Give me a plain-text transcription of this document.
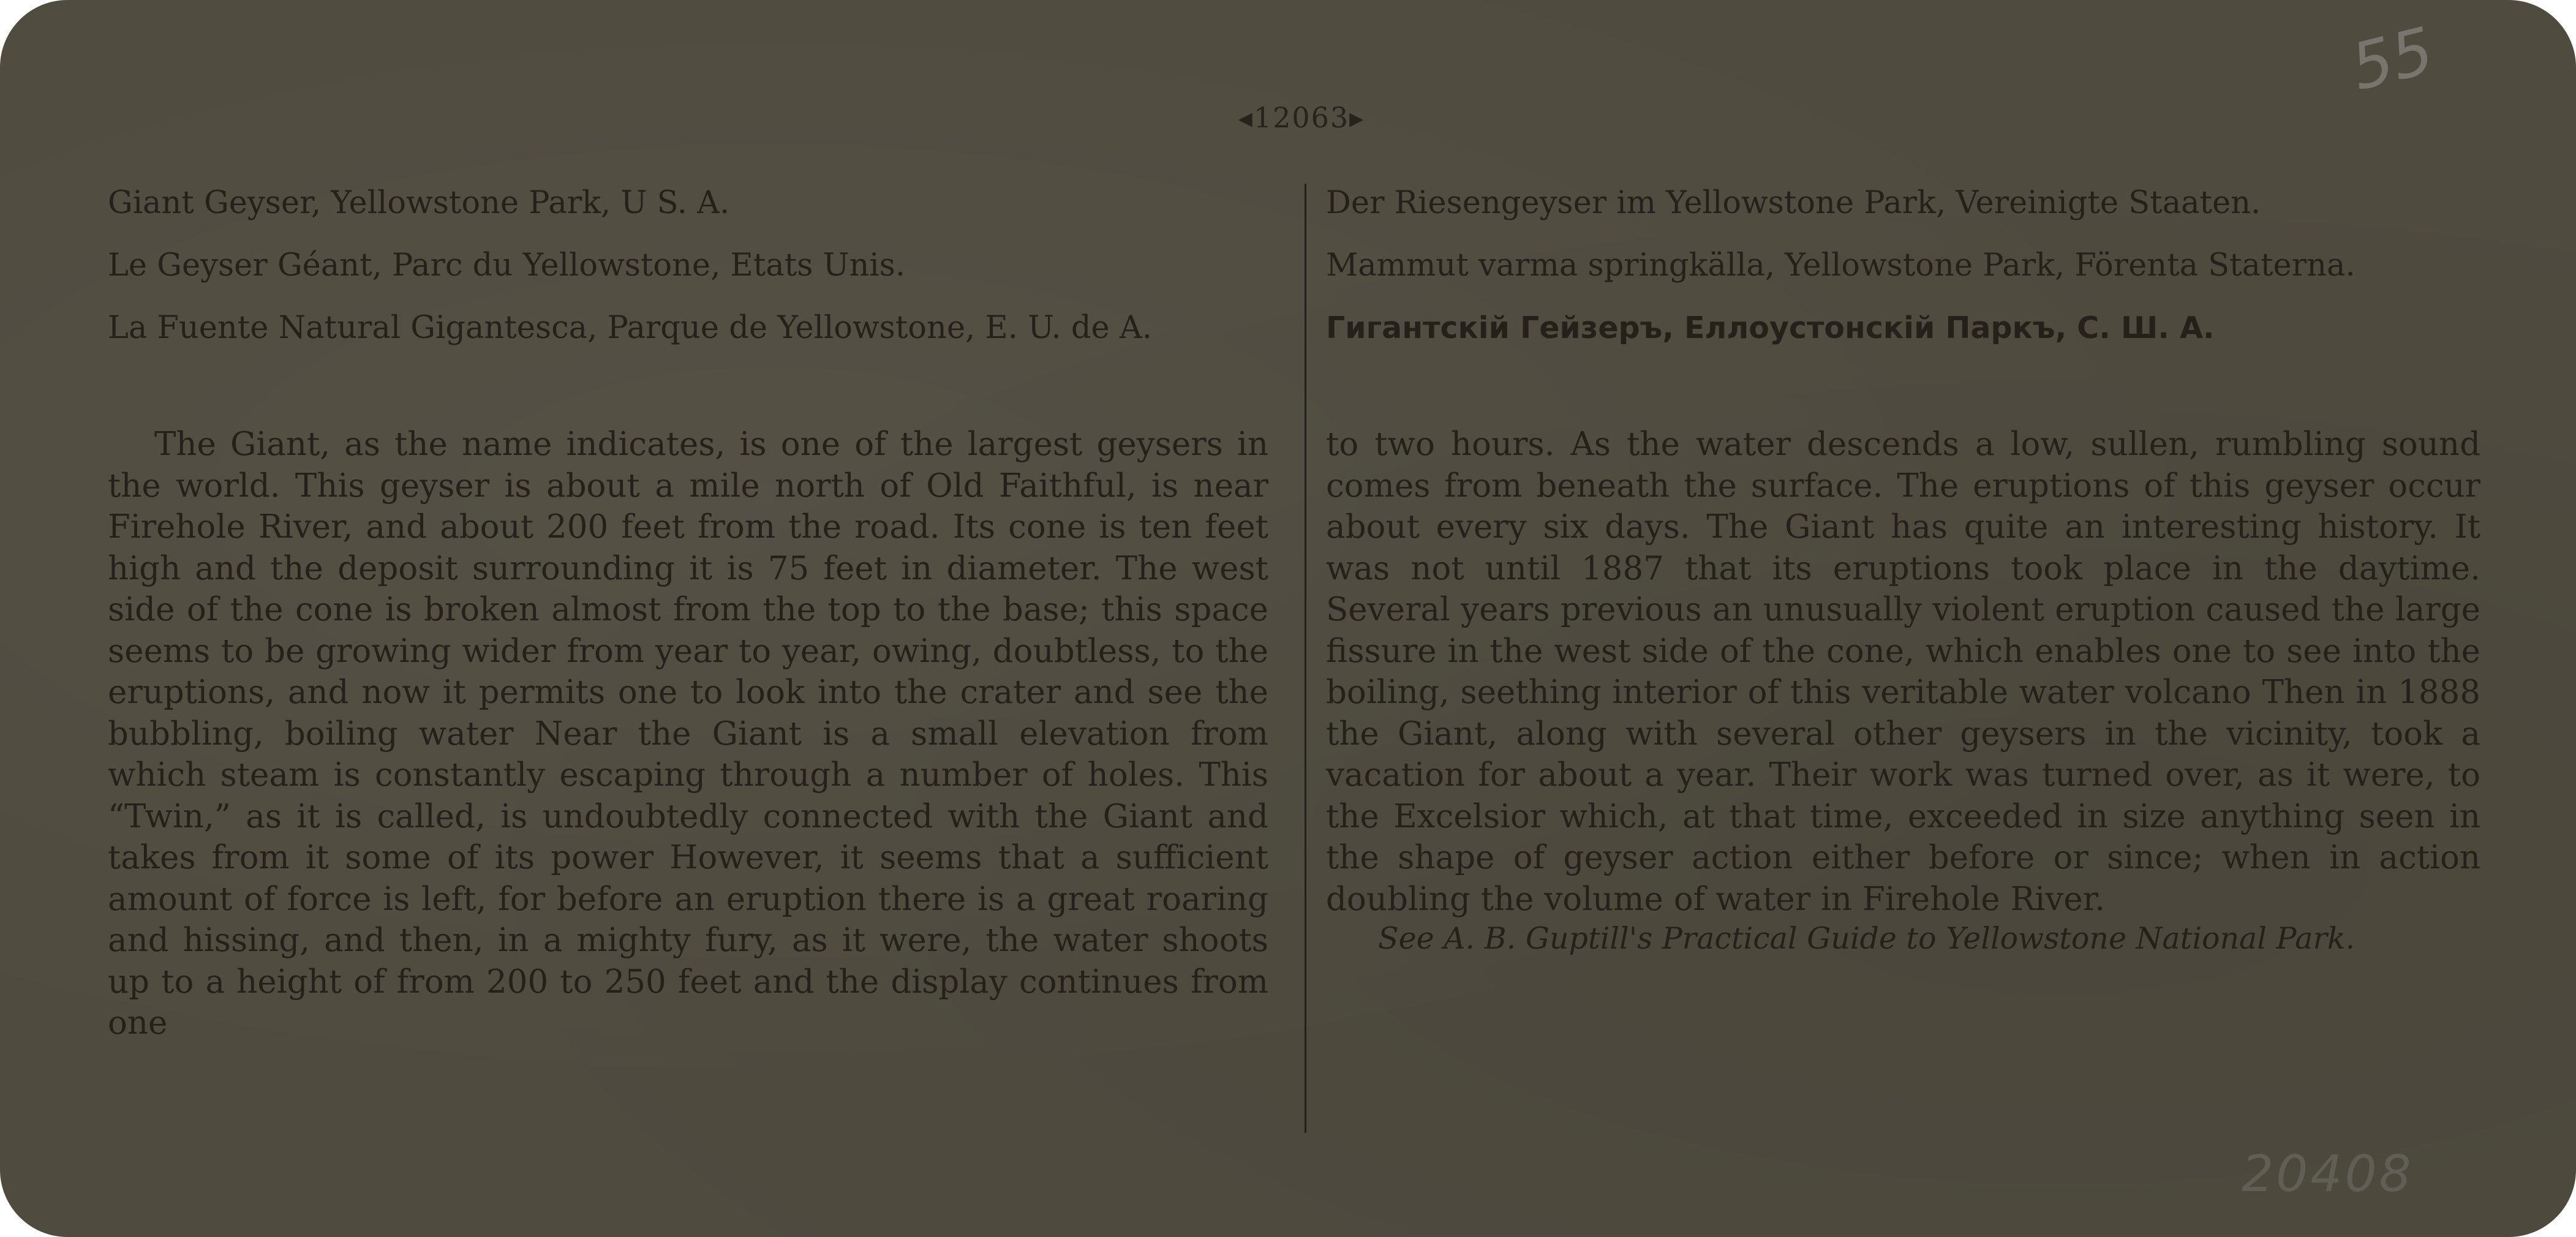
◂12063▸
55
20408
Giant Geyser, Yellowstone Park, U S. A.
Le Geyser Géant, Parc du Yellowstone, Etats Unis.
La Fuente Natural Gigantesca, Parque de Yellowstone, E. U. de A.

The Giant, as the name indicates, is one of the largest geysers in the world. This geyser is about a mile north of Old Faithful, is near Firehole River, and about 200 feet from the road. Its cone is ten feet high and the deposit surrounding it is 75 feet in diameter. The west side of the cone is broken almost from the top to the base; this space seems to be growing wider from year to year, owing, doubtless, to the eruptions, and now it permits one to look into the crater and see the bubbling, boiling water Near the Giant is a small elevation from which steam is constantly escaping through a number of holes. This “Twin,” as it is called, is undoubtedly connected with the Giant and takes from it some of its power However, it seems that a sufficient amount of force is left, for before an eruption there is a great roaring and hissing, and then, in a mighty fury, as it were, the water shoots up to a height of from 200 to 250 feet and the display continues from one

Der Riesengeyser im Yellowstone Park, Vereinigte Staaten.
Mammut varma springkälla, Yellowstone Park, Förenta Staterna.
Гигантскій Гейзеръ, Еллоустонскій Паркъ, С. Ш. А.

to two hours. As the water descends a low, sullen, rumbling sound comes from beneath the surface. The eruptions of this geyser occur about every six days. The Giant has quite an interesting history. It was not until 1887 that its eruptions took place in the daytime. Several years previous an unusually violent eruption caused the large fissure in the west side of the cone, which enables one to see into the boiling, seething interior of this veritable water volcano Then in 1888 the Giant, along with several other geysers in the vicinity, took a vacation for about a year. Their work was turned over, as it were, to the Excelsior which, at that time, exceeded in size anything seen in the shape of geyser action either before or since; when in action doubling the volume of water in Firehole River.

See A. B. Guptill's Practical Guide to Yellowstone National Park.
